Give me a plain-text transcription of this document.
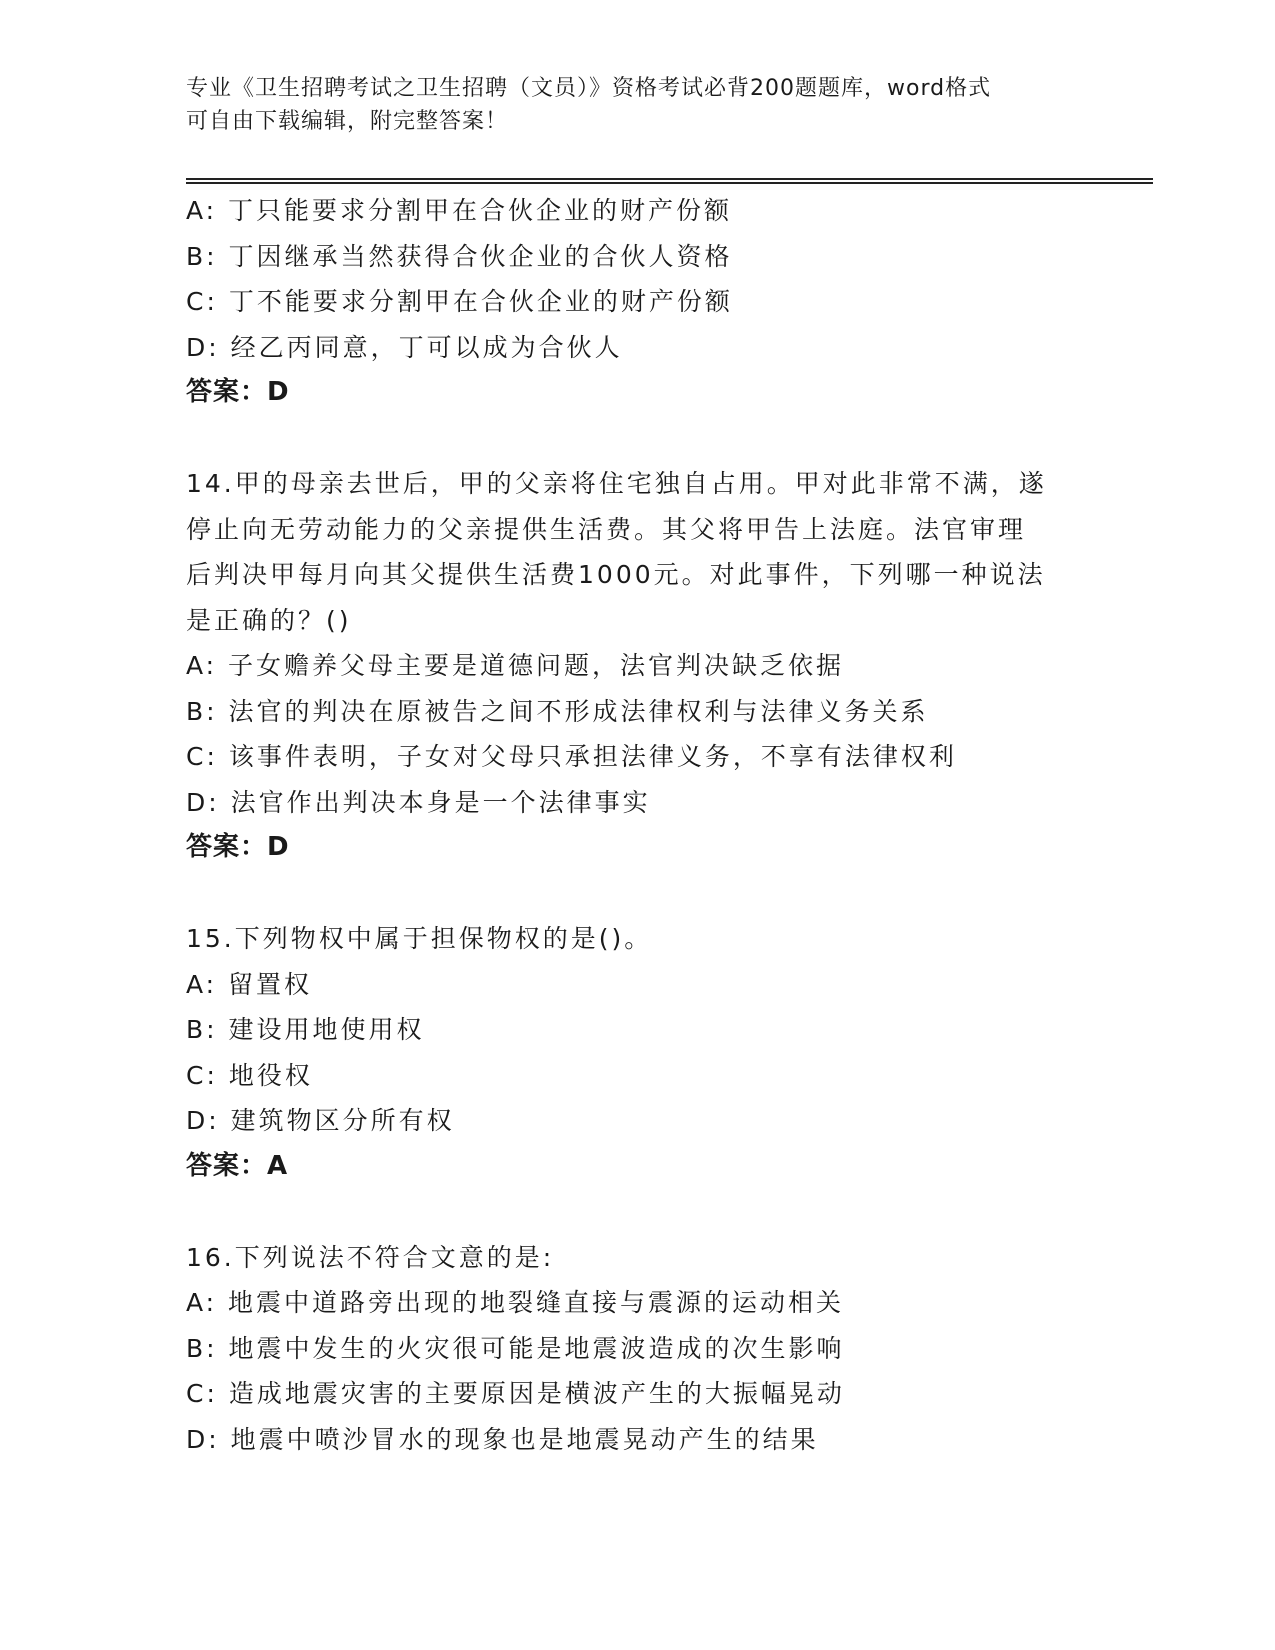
专业《卫生招聘考试之卫生招聘（文员）》资格考试必背200题题库，word格式
可自由下载编辑，附完整答案！
A: 丁只能要求分割甲在合伙企业的财产份额
B: 丁因继承当然获得合伙企业的合伙人资格
C: 丁不能要求分割甲在合伙企业的财产份额
D: 经乙丙同意，丁可以成为合伙人
答案：D
14.甲的母亲去世后，甲的父亲将住宅独自占用。甲对此非常不满，遂
停止向无劳动能力的父亲提供生活费。其父将甲告上法庭。法官审理
后判决甲每月向其父提供生活费1000元。对此事件，下列哪一种说法
是正确的？()
A: 子女赡养父母主要是道德问题，法官判决缺乏依据
B: 法官的判决在原被告之间不形成法律权利与法律义务关系
C: 该事件表明，子女对父母只承担法律义务，不享有法律权利
D: 法官作出判决本身是一个法律事实
答案：D
15.下列物权中属于担保物权的是()。
A: 留置权
B: 建设用地使用权
C: 地役权
D: 建筑物区分所有权
答案：A
16.下列说法不符合文意的是:
A: 地震中道路旁出现的地裂缝直接与震源的运动相关
B: 地震中发生的火灾很可能是地震波造成的次生影响
C: 造成地震灾害的主要原因是横波产生的大振幅晃动
D: 地震中喷沙冒水的现象也是地震晃动产生的结果
